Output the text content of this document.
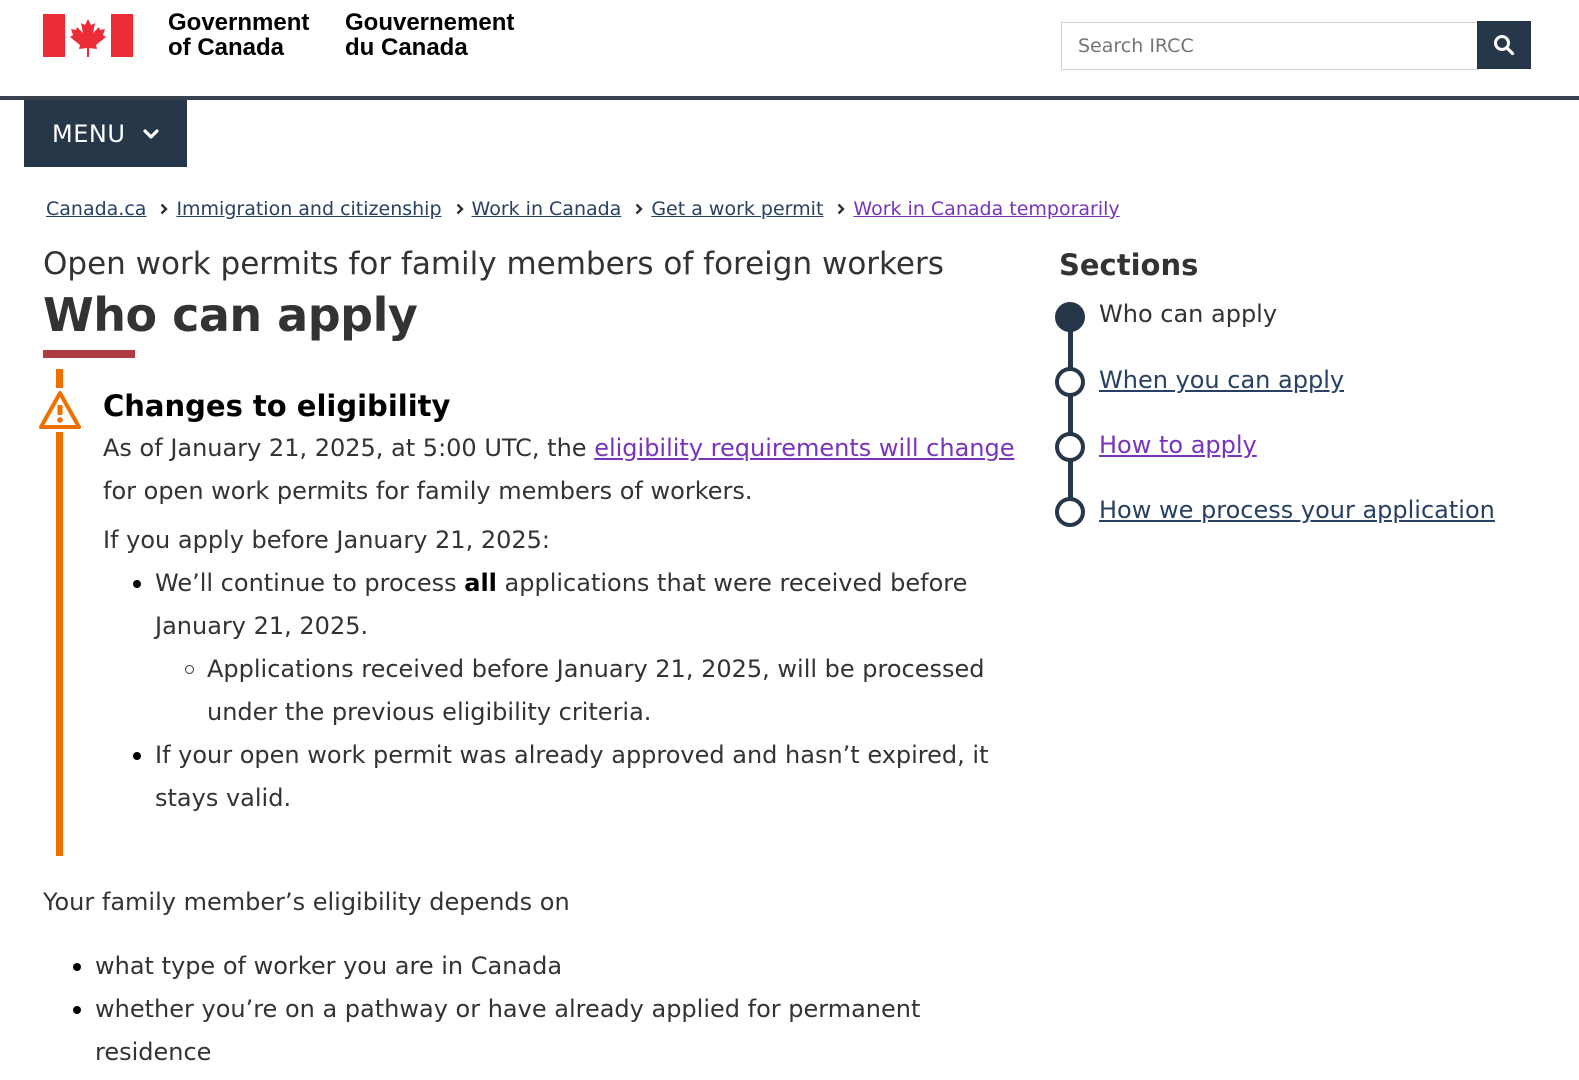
Government
of Canada
Gouvernement
du Canada
Search IRCC
MENU
Canada.ca Immigration and citizenship Work in Canada Get a work permit Work in Canada temporarily
Open work permits for family members of foreign workers
Who can apply
Changes to eligibility

As of January 21, 2025, at 5:00 UTC, the eligibility requirements will change for open work permits for family members of workers.

If you apply before January 21, 2025:

We’ll continue to process all applications that were received before January 21, 2025.
Applications received before January 21, 2025, will be processed under the previous eligibility criteria.
If your open work permit was already approved and hasn’t expired, it stays valid.

Your family member’s eligibility depends on

what type of worker you are in Canada
whether you’re on a pathway or have already applied for permanent residence
Sections
Who can apply
When you can apply
How to apply
How we process your application
